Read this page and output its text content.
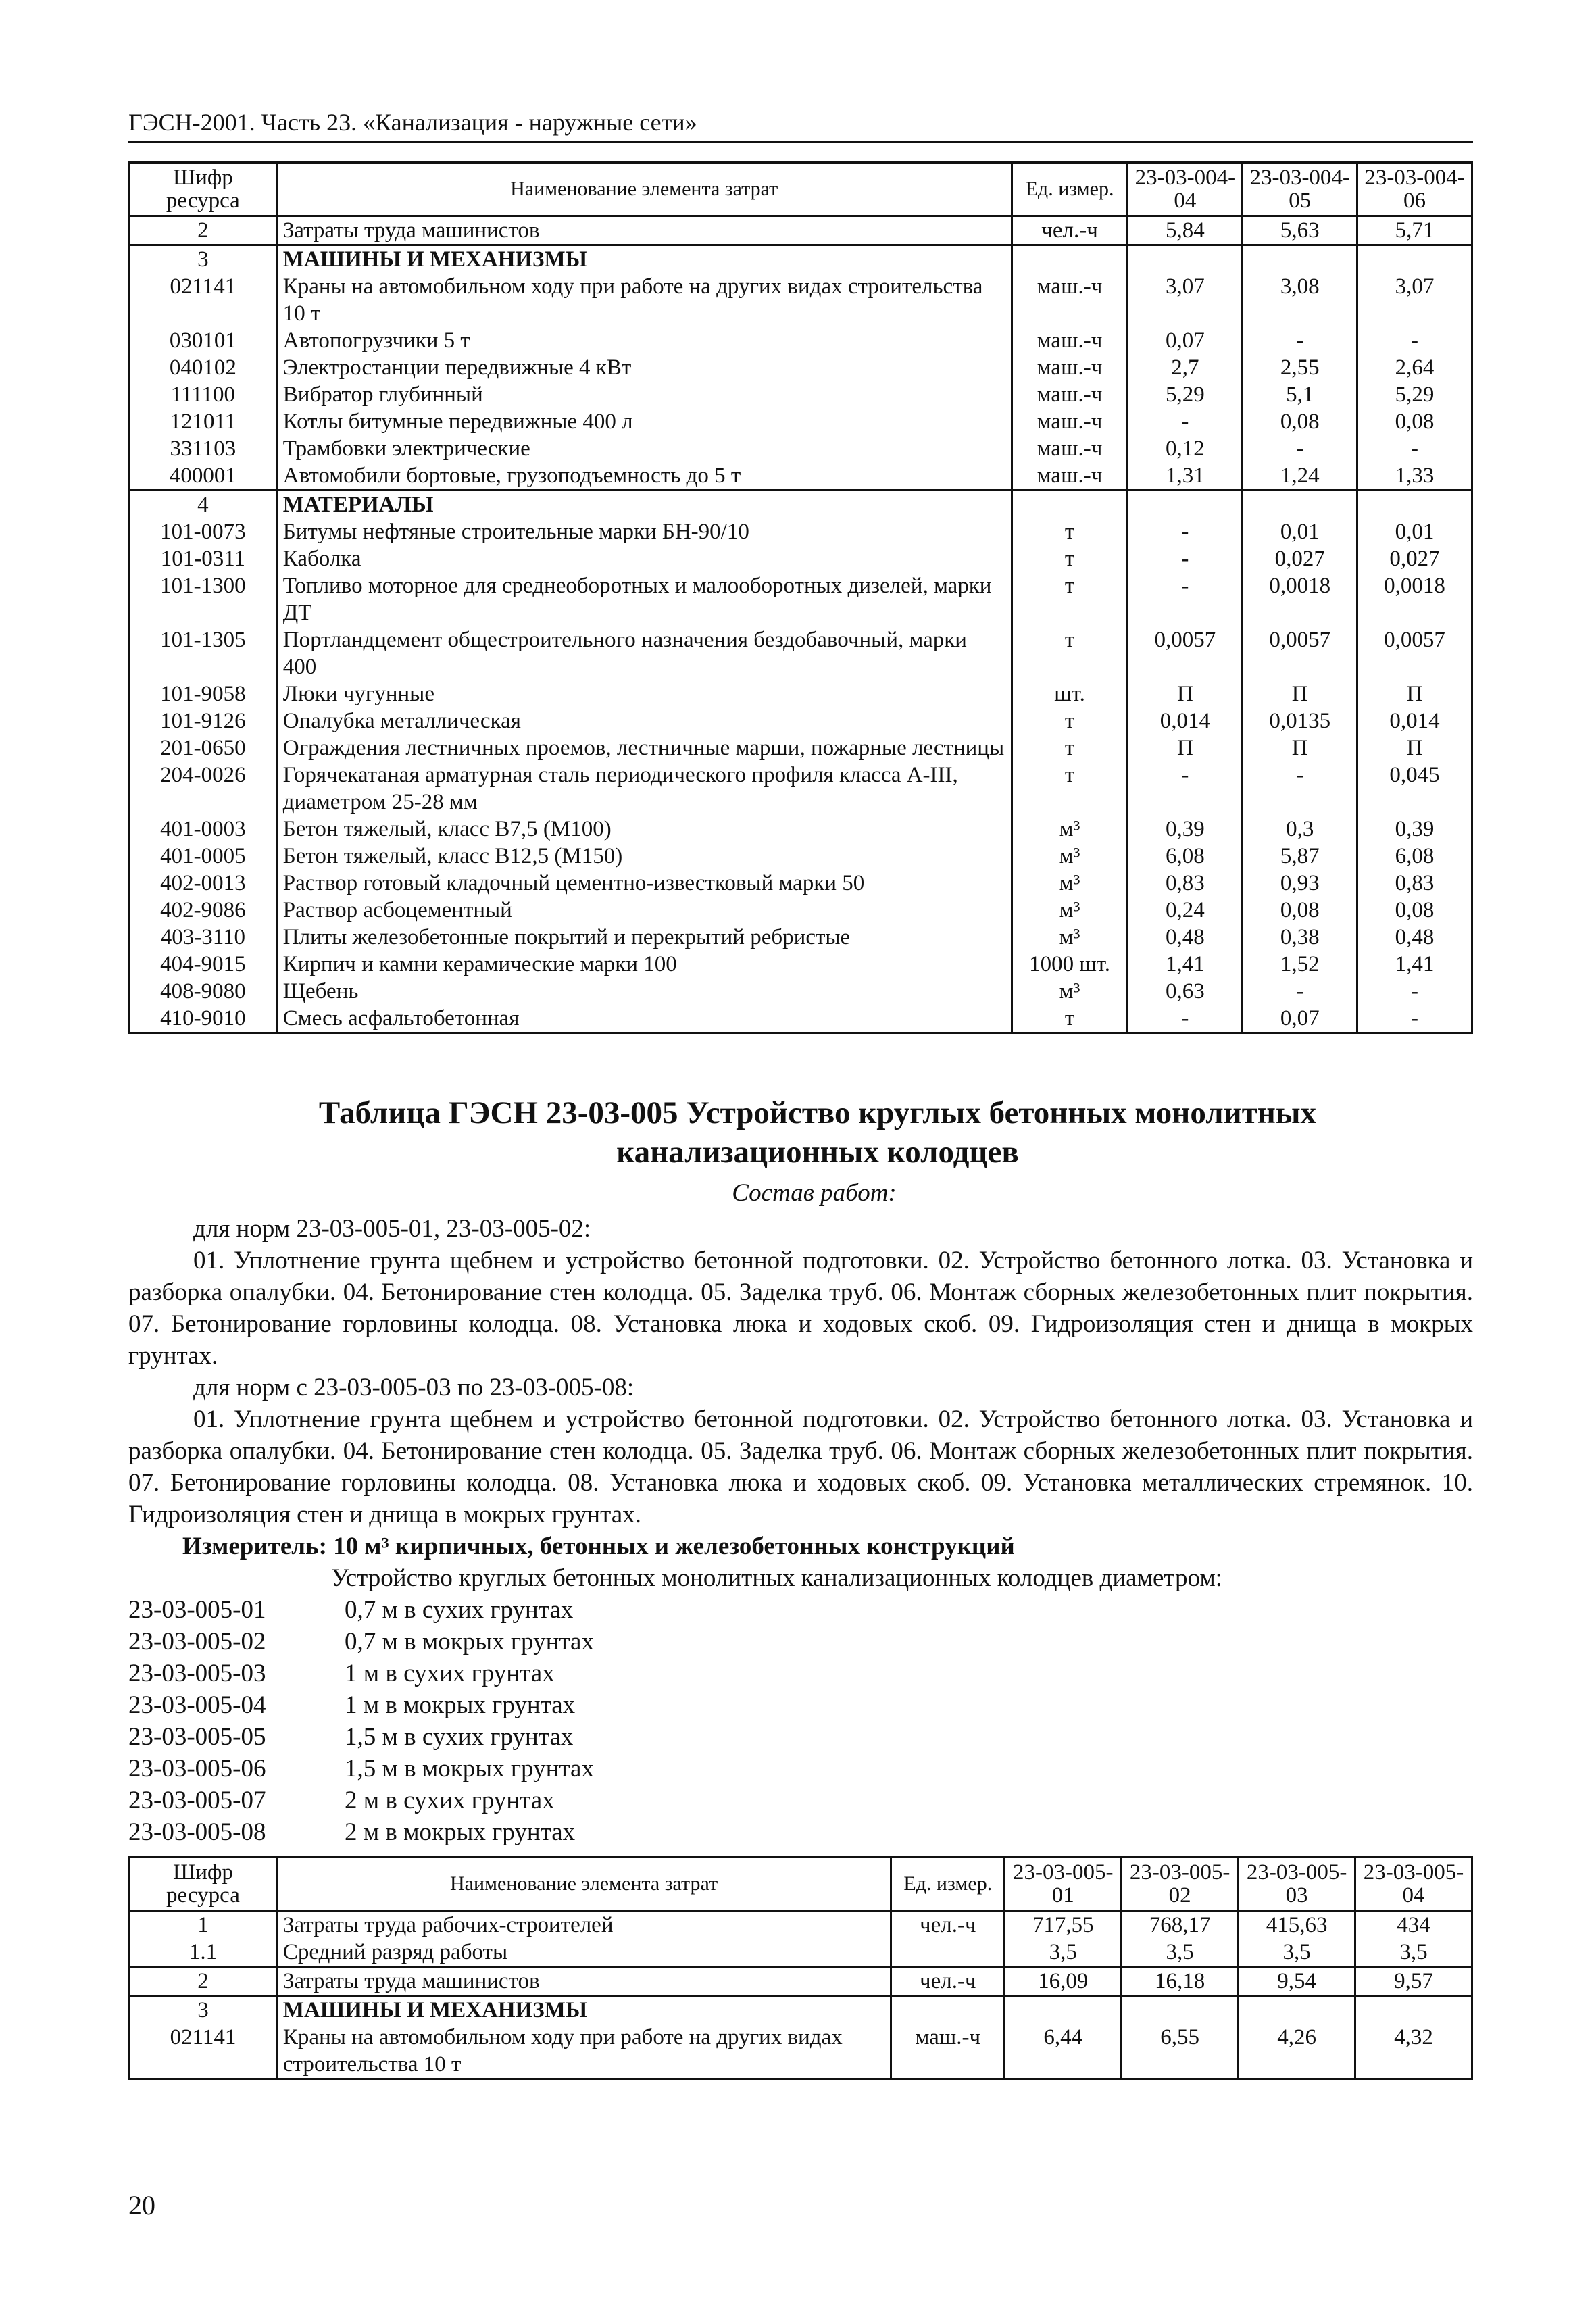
ГЭСН-2001. Часть 23. «Канализация - наружные сети»
Шифр ресурса	Наименование элемента затрат	Ед. измер.	23-03-004-04	23-03-004-05	23-03-004-06
2	Затраты труда машинистов	чел.-ч	5,84	5,63	5,71
3	МАШИНЫ И МЕХАНИЗМЫ				
021141	Краны на автомобильном ходу при работе на других видах строительства 10 т	маш.-ч	3,07	3,08	3,07
030101	Автопогрузчики 5 т	маш.-ч	0,07	-	-
040102	Электростанции передвижные 4 кВт	маш.-ч	2,7	2,55	2,64
111100	Вибратор глубинный	маш.-ч	5,29	5,1	5,29
121011	Котлы битумные передвижные 400 л	маш.-ч	-	0,08	0,08
331103	Трамбовки электрические	маш.-ч	0,12	-	-
400001	Автомобили бортовые, грузоподъемность до 5 т	маш.-ч	1,31	1,24	1,33
4	МАТЕРИАЛЫ				
101-0073	Битумы нефтяные строительные марки БН-90/10	т	-	0,01	0,01
101-0311	Каболка	т	-	0,027	0,027
101-1300	Топливо моторное для среднеоборотных и малооборотных дизелей, марки ДТ	т	-	0,0018	0,0018
101-1305	Портландцемент общестроительного назначения бездобавочный, марки 400	т	0,0057	0,0057	0,0057
101-9058	Люки чугунные	шт.	П	П	П
101-9126	Опалубка металлическая	т	0,014	0,0135	0,014
201-0650	Ограждения лестничных проемов, лестничные марши, пожарные лестницы	т	П	П	П
204-0026	Горячекатаная арматурная сталь периодического профиля класса А-III, диаметром 25-28 мм	т	-	-	0,045
401-0003	Бетон тяжелый, класс В7,5 (М100)	м³	0,39	0,3	0,39
401-0005	Бетон тяжелый, класс В12,5 (М150)	м³	6,08	5,87	6,08
402-0013	Раствор готовый кладочный цементно-известковый марки 50	м³	0,83	0,93	0,83
402-9086	Раствор асбоцементный	м³	0,24	0,08	0,08
403-3110	Плиты железобетонные покрытий и перекрытий ребристые	м³	0,48	0,38	0,48
404-9015	Кирпич и камни керамические марки 100	1000 шт.	1,41	1,52	1,41
408-9080	Щебень	м³	0,63	-	-
410-9010	Смесь асфальтобетонная	т	-	0,07	-
Таблица ГЭСН 23-03-005 Устройство круглых бетонных монолитных
канализационных колодцев
Состав работ:
для норм 23-03-005-01, 23-03-005-02:
01. Уплотнение грунта щебнем и устройство бетонной подготовки. 02. Устройство бетонного лотка. 03. Установка и разборка опалубки. 04. Бетонирование стен колодца. 05. Заделка труб. 06. Монтаж сборных железобетонных плит покрытия. 07. Бетонирование горловины колодца. 08. Установка люка и ходовых скоб. 09. Гидроизоляция стен и днища в мокрых грунтах.
для норм с 23-03-005-03 по 23-03-005-08:
01. Уплотнение грунта щебнем и устройство бетонной подготовки. 02. Устройство бетонного лотка. 03. Установка и разборка опалубки. 04. Бетонирование стен колодца. 05. Заделка труб. 06. Монтаж сборных железобетонных плит покрытия. 07. Бетонирование горловины колодца. 08. Установка люка и ходовых скоб. 09. Установка металлических стремянок. 10. Гидроизоляция стен и днища в мокрых грунтах.
Измеритель: 10 м³ кирпичных, бетонных и железобетонных конструкций
Устройство круглых бетонных монолитных канализационных колодцев диаметром:
23-03-005-01	0,7 м в сухих грунтах
23-03-005-02	0,7 м в мокрых грунтах
23-03-005-03	1 м в сухих грунтах
23-03-005-04	1 м в мокрых грунтах
23-03-005-05	1,5 м в сухих грунтах
23-03-005-06	1,5 м в мокрых грунтах
23-03-005-07	2 м в сухих грунтах
23-03-005-08	2 м в мокрых грунтах
Шифр ресурса	Наименование элемента затрат	Ед. измер.	23-03-005-01	23-03-005-02	23-03-005-03	23-03-005-04
1	Затраты труда рабочих-строителей	чел.-ч	717,55	768,17	415,63	434
1.1	Средний разряд работы		3,5	3,5	3,5	3,5
2	Затраты труда машинистов	чел.-ч	16,09	16,18	9,54	9,57
3	МАШИНЫ И МЕХАНИЗМЫ					
021141	Краны на автомобильном ходу при работе на других видах строительства 10 т	маш.-ч	6,44	6,55	4,26	4,32
20
